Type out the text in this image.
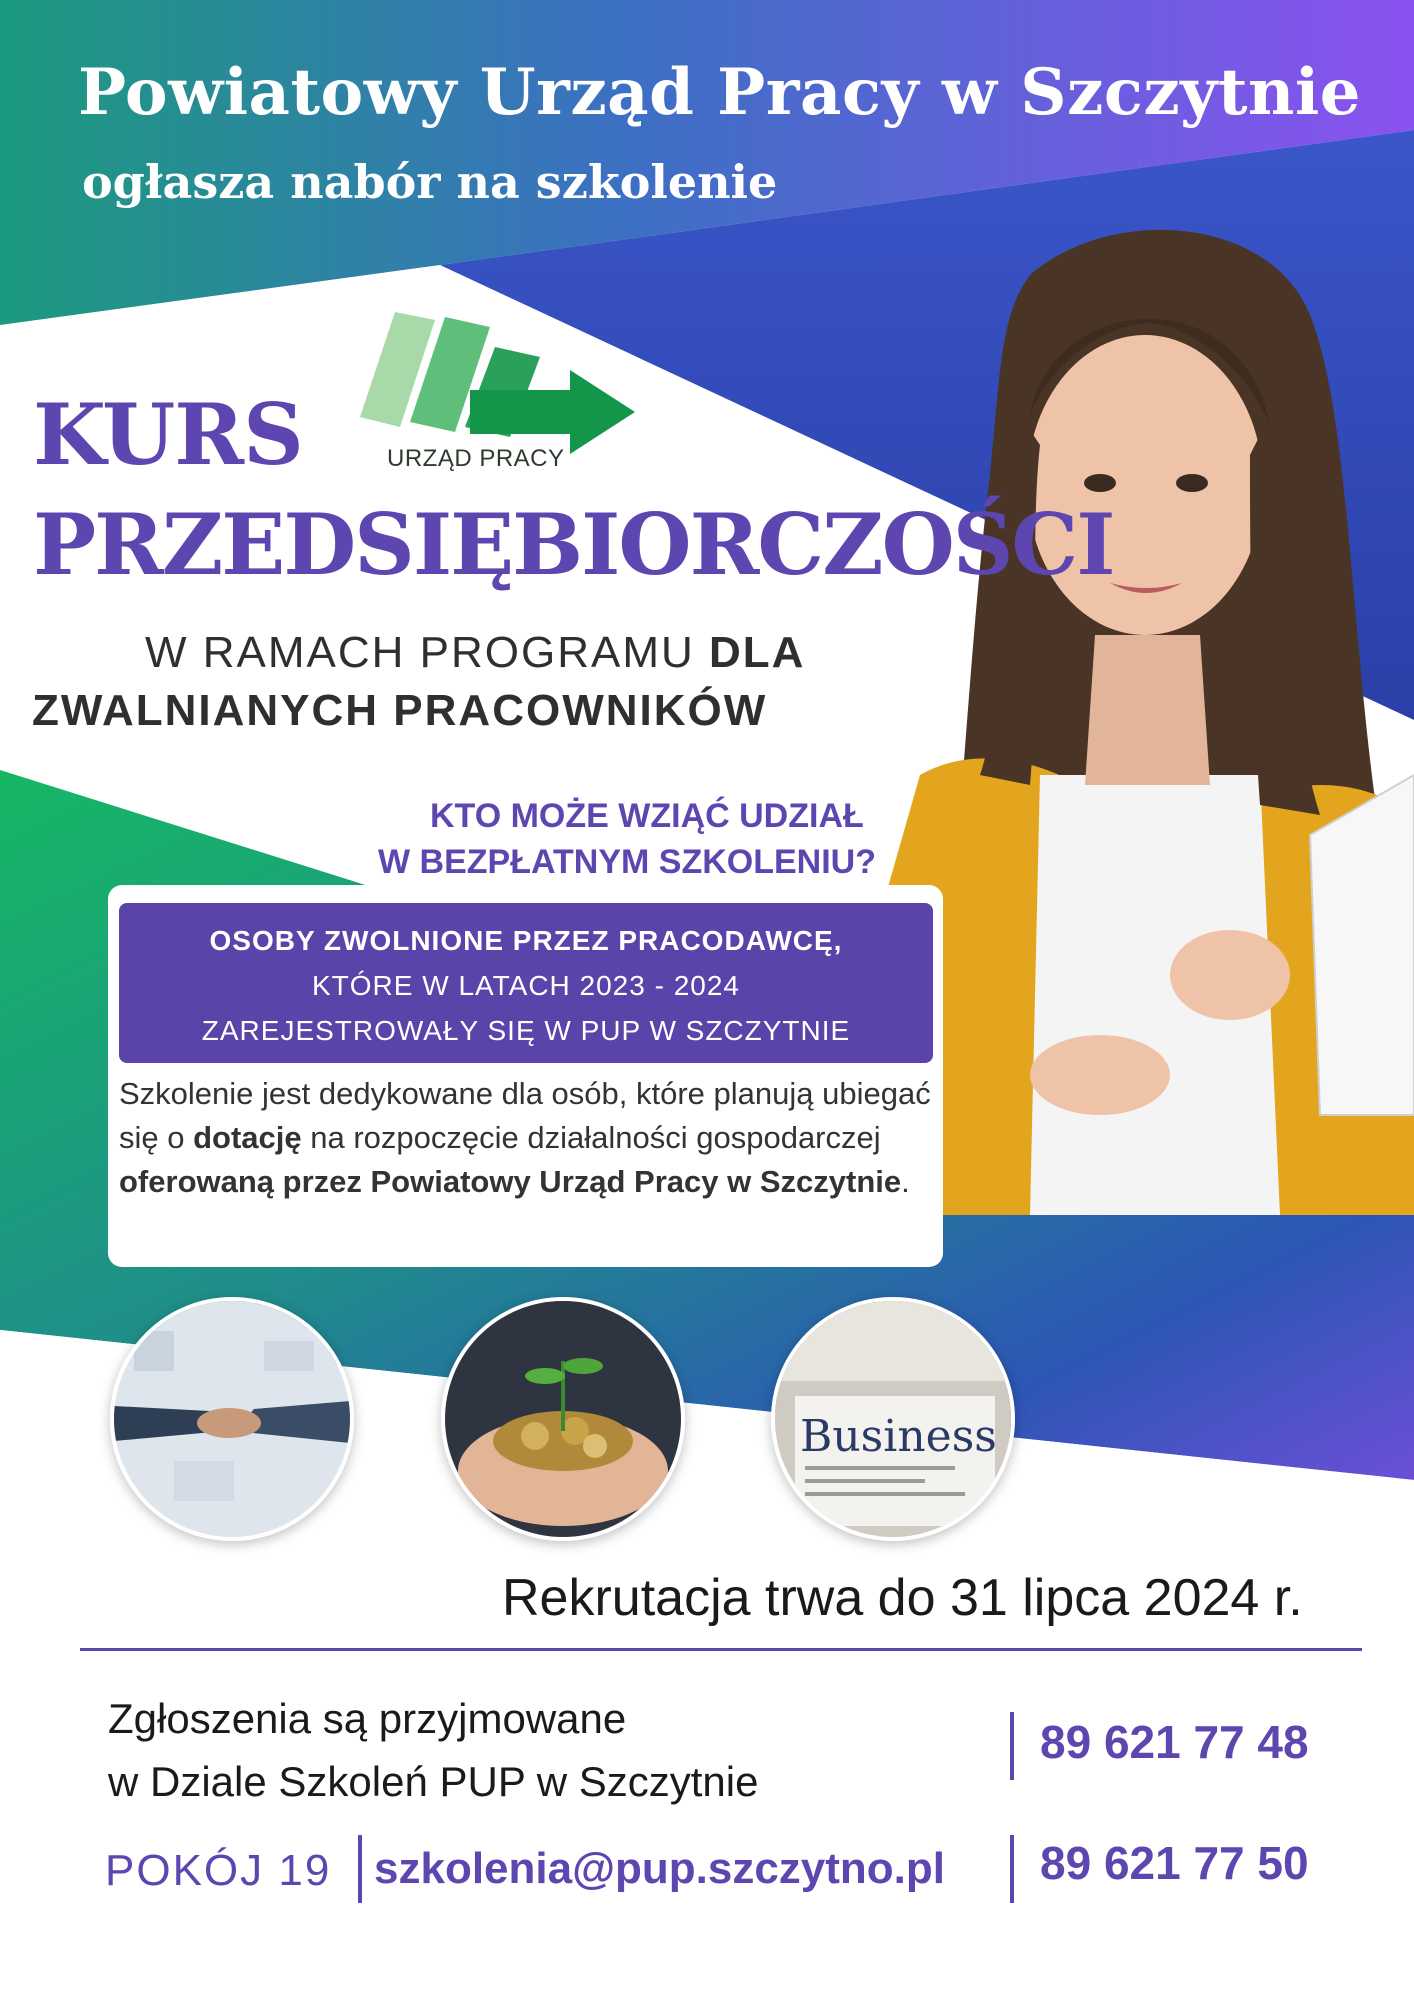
Powiatowy Urząd Pracy w Szczytnie
ogłasza nabór na szkolenie
URZĄD PRACY
KURS
PRZEDSIĘBIORCZOŚCI
W RAMACH PROGRAMU DLA
ZWALNIANYCH PRACOWNIKÓW
KTO MOŻE WZIĄĆ UDZIAŁ
W BEZPŁATNYM SZKOLENIU?
OSOBY ZWOLNIONE PRZEZ PRACODAWCĘ,
KTÓRE W LATACH 2023 - 2024
ZAREJESTROWAŁY SIĘ W PUP W SZCZYTNIE
Szkolenie jest dedykowane dla osób, które planują ubiegać się o dotację na rozpoczęcie działalności gospodarczej oferowaną przez Powiatowy Urząd Pracy w Szczytnie.
Business
Rekrutacja trwa do 31 lipca 2024 r.
Zgłoszenia są przyjmowane
w Dziale Szkoleń PUP w Szczytnie
89 621 77 48
POKÓJ 19 szkolenia@pup.szczytno.pl 89 621 77 50
